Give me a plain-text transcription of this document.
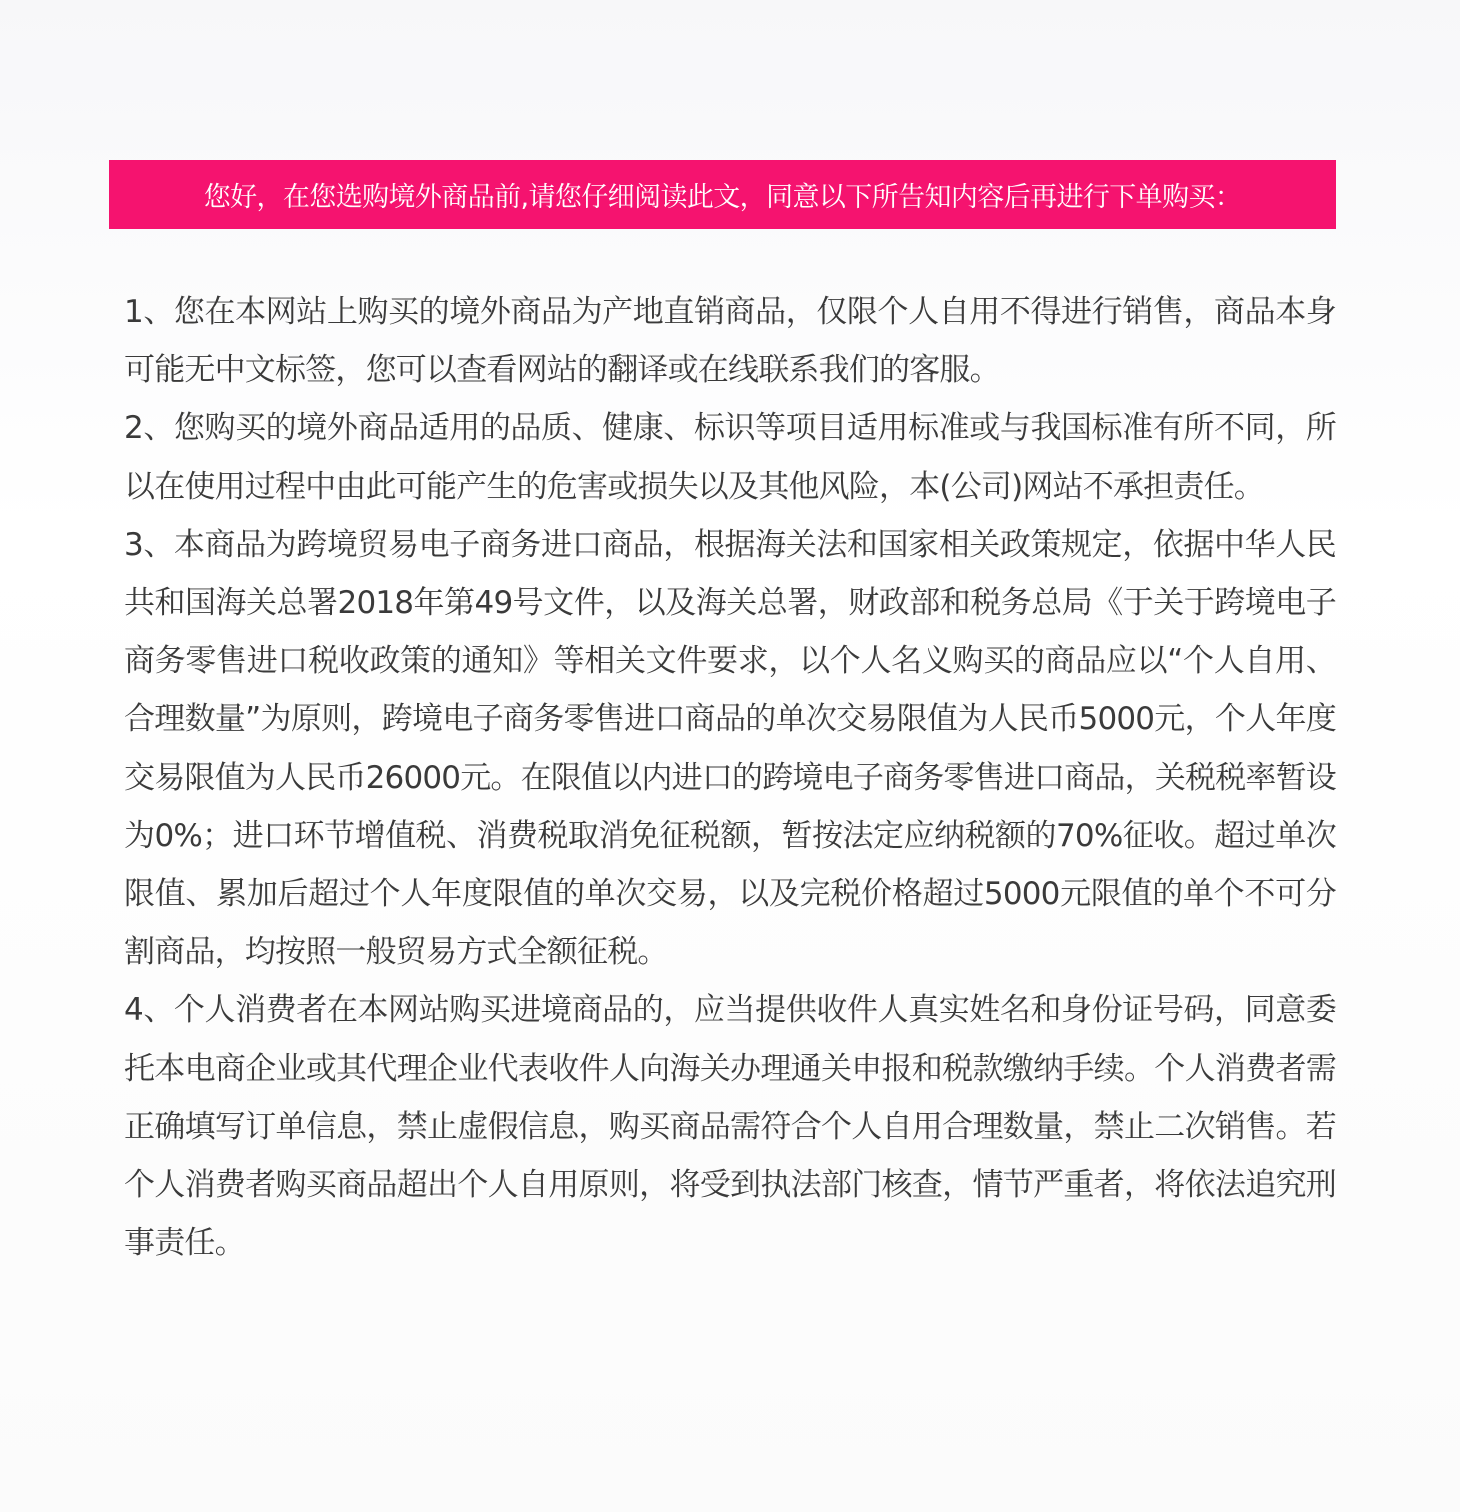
您好，在您选购境外商品前,请您仔细阅读此文，同意以下所告知内容后再进行下单购买：

1、您在本网站上购买的境外商品为产地直销商品，仅限个人自用不得进行销售，商品本身可能无中文标签，您可以查看网站的翻译或在线联系我们的客服。

2、您购买的境外商品适用的品质、健康、标识等项目适用标准或与我国标准有所不同，所以在使用过程中由此可能产生的危害或损失以及其他风险，本(公司)网站不承担责任。

3、本商品为跨境贸易电子商务进口商品，根据海关法和国家相关政策规定，依据中华人民共和国海关总署2018年第49号文件，以及海关总署，财政部和税务总局《于关于跨境电子商务零售进口税收政策的通知》等相关文件要求，以个人名义购买的商品应以“个人自用、合理数量”为原则，跨境电子商务零售进口商品的单次交易限值为人民币5000元，个人年度交易限值为人民币26000元。在限值以内进口的跨境电子商务零售进口商品，关税税率暂设为0%；进口环节增值税、消费税取消免征税额，暂按法定应纳税额的70%征收。超过单次限值、累加后超过个人年度限值的单次交易，以及完税价格超过5000元限值的单个不可分割商品，均按照一般贸易方式全额征税。

4、个人消费者在本网站购买进境商品的，应当提供收件人真实姓名和身份证号码，同意委托本电商企业或其代理企业代表收件人向海关办理通关申报和税款缴纳手续。个人消费者需正确填写订单信息，禁止虚假信息，购买商品需符合个人自用合理数量，禁止二次销售。若个人消费者购买商品超出个人自用原则，将受到执法部门核查，情节严重者，将依法追究刑事责任。
